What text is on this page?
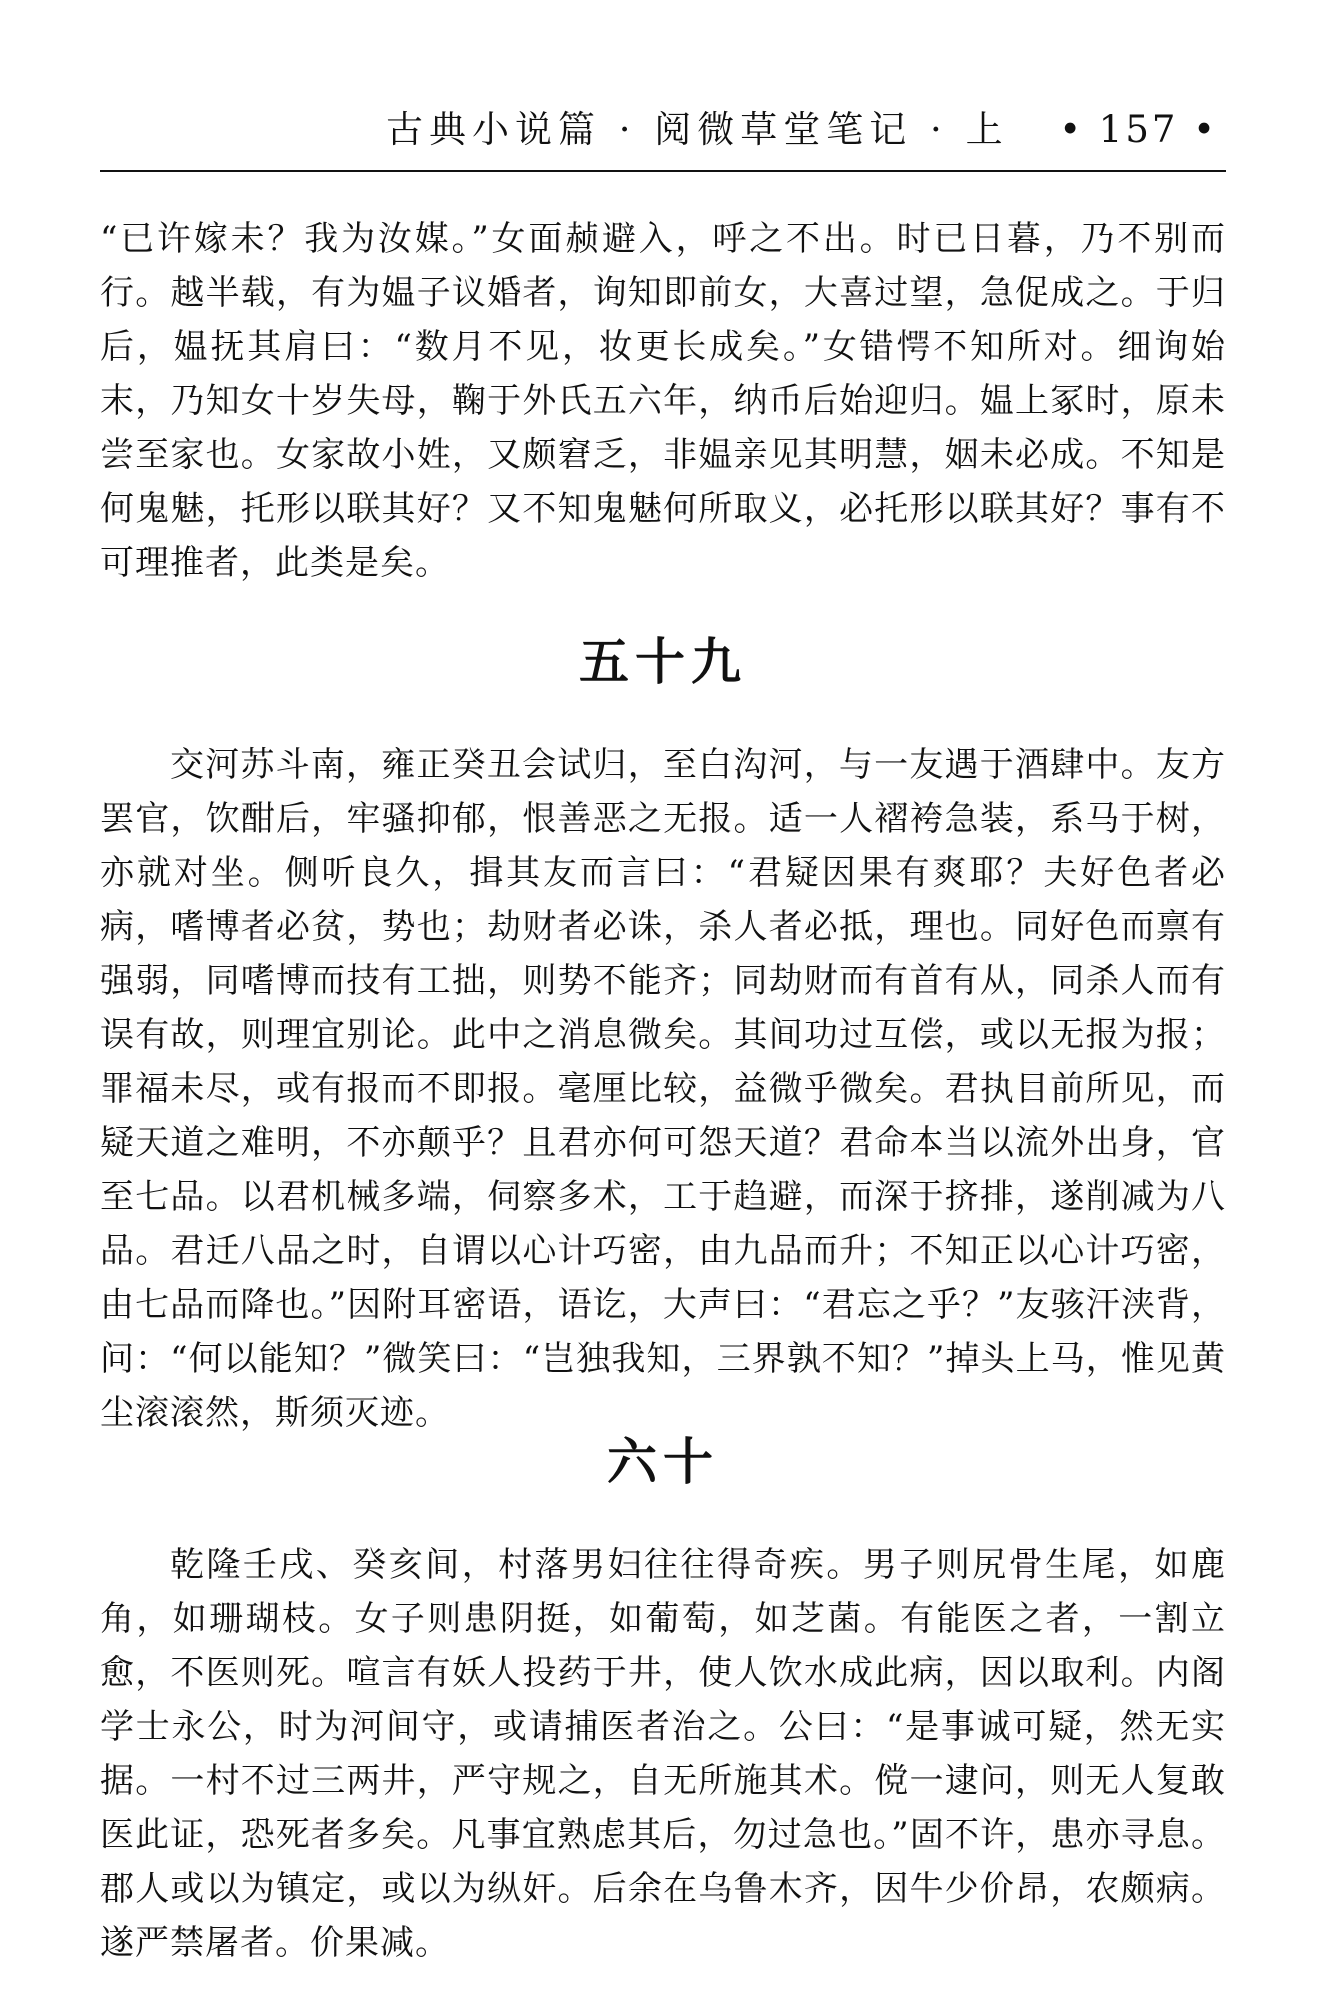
古典小说篇 · 阅微草堂笔记 · 上 • 157 •

“已许嫁未？我为汝媒。”女面赪避入，呼之不出。时已日暮，乃不别而行。越半载，有为媪子议婚者，询知即前女，大喜过望，急促成之。于归后，媪抚其肩曰：“数月不见，妆更长成矣。”女错愕不知所对。细询始末，乃知女十岁失母，鞠于外氏五六年，纳币后始迎归。媪上冢时，原未尝至家也。女家故小姓，又颇窘乏，非媪亲见其明慧，姻未必成。不知是何鬼魅，托形以联其好？又不知鬼魅何所取义，必托形以联其好？事有不可理推者，此类是矣。

五十九

交河苏斗南，雍正癸丑会试归，至白沟河，与一友遇于酒肆中。友方罢官，饮酣后，牢骚抑郁，恨善恶之无报。适一人褶袴急装，系马于树，亦就对坐。侧听良久，揖其友而言曰：“君疑因果有爽耶？夫好色者必病，嗜博者必贫，势也；劫财者必诛，杀人者必抵，理也。同好色而禀有强弱，同嗜博而技有工拙，则势不能齐；同劫财而有首有从，同杀人而有误有故，则理宜别论。此中之消息微矣。其间功过互偿，或以无报为报；罪福未尽，或有报而不即报。毫厘比较，益微乎微矣。君执目前所见，而疑天道之难明，不亦颠乎？且君亦何可怨天道？君命本当以流外出身，官至七品。以君机械多端，伺察多术，工于趋避，而深于挤排，遂削减为八品。君迁八品之时，自谓以心计巧密，由九品而升；不知正以心计巧密，由七品而降也。”因附耳密语，语讫，大声曰：“君忘之乎？”友骇汗浃背，问：“何以能知？”微笑曰：“岂独我知，三界孰不知？”掉头上马，惟见黄尘滚滚然，斯须灭迹。

六十

乾隆壬戌、癸亥间，村落男妇往往得奇疾。男子则尻骨生尾，如鹿角，如珊瑚枝。女子则患阴挺，如葡萄，如芝菌。有能医之者，一割立愈，不医则死。喧言有妖人投药于井，使人饮水成此病，因以取利。内阁学士永公，时为河间守，或请捕医者治之。公曰：“是事诚可疑，然无实据。一村不过三两井，严守规之，自无所施其术。傥一逮问，则无人复敢医此证，恐死者多矣。凡事宜熟虑其后，勿过急也。”固不许，患亦寻息。郡人或以为镇定，或以为纵奸。后余在乌鲁木齐，因牛少价昂，农颇病。遂严禁屠者。价果减。
